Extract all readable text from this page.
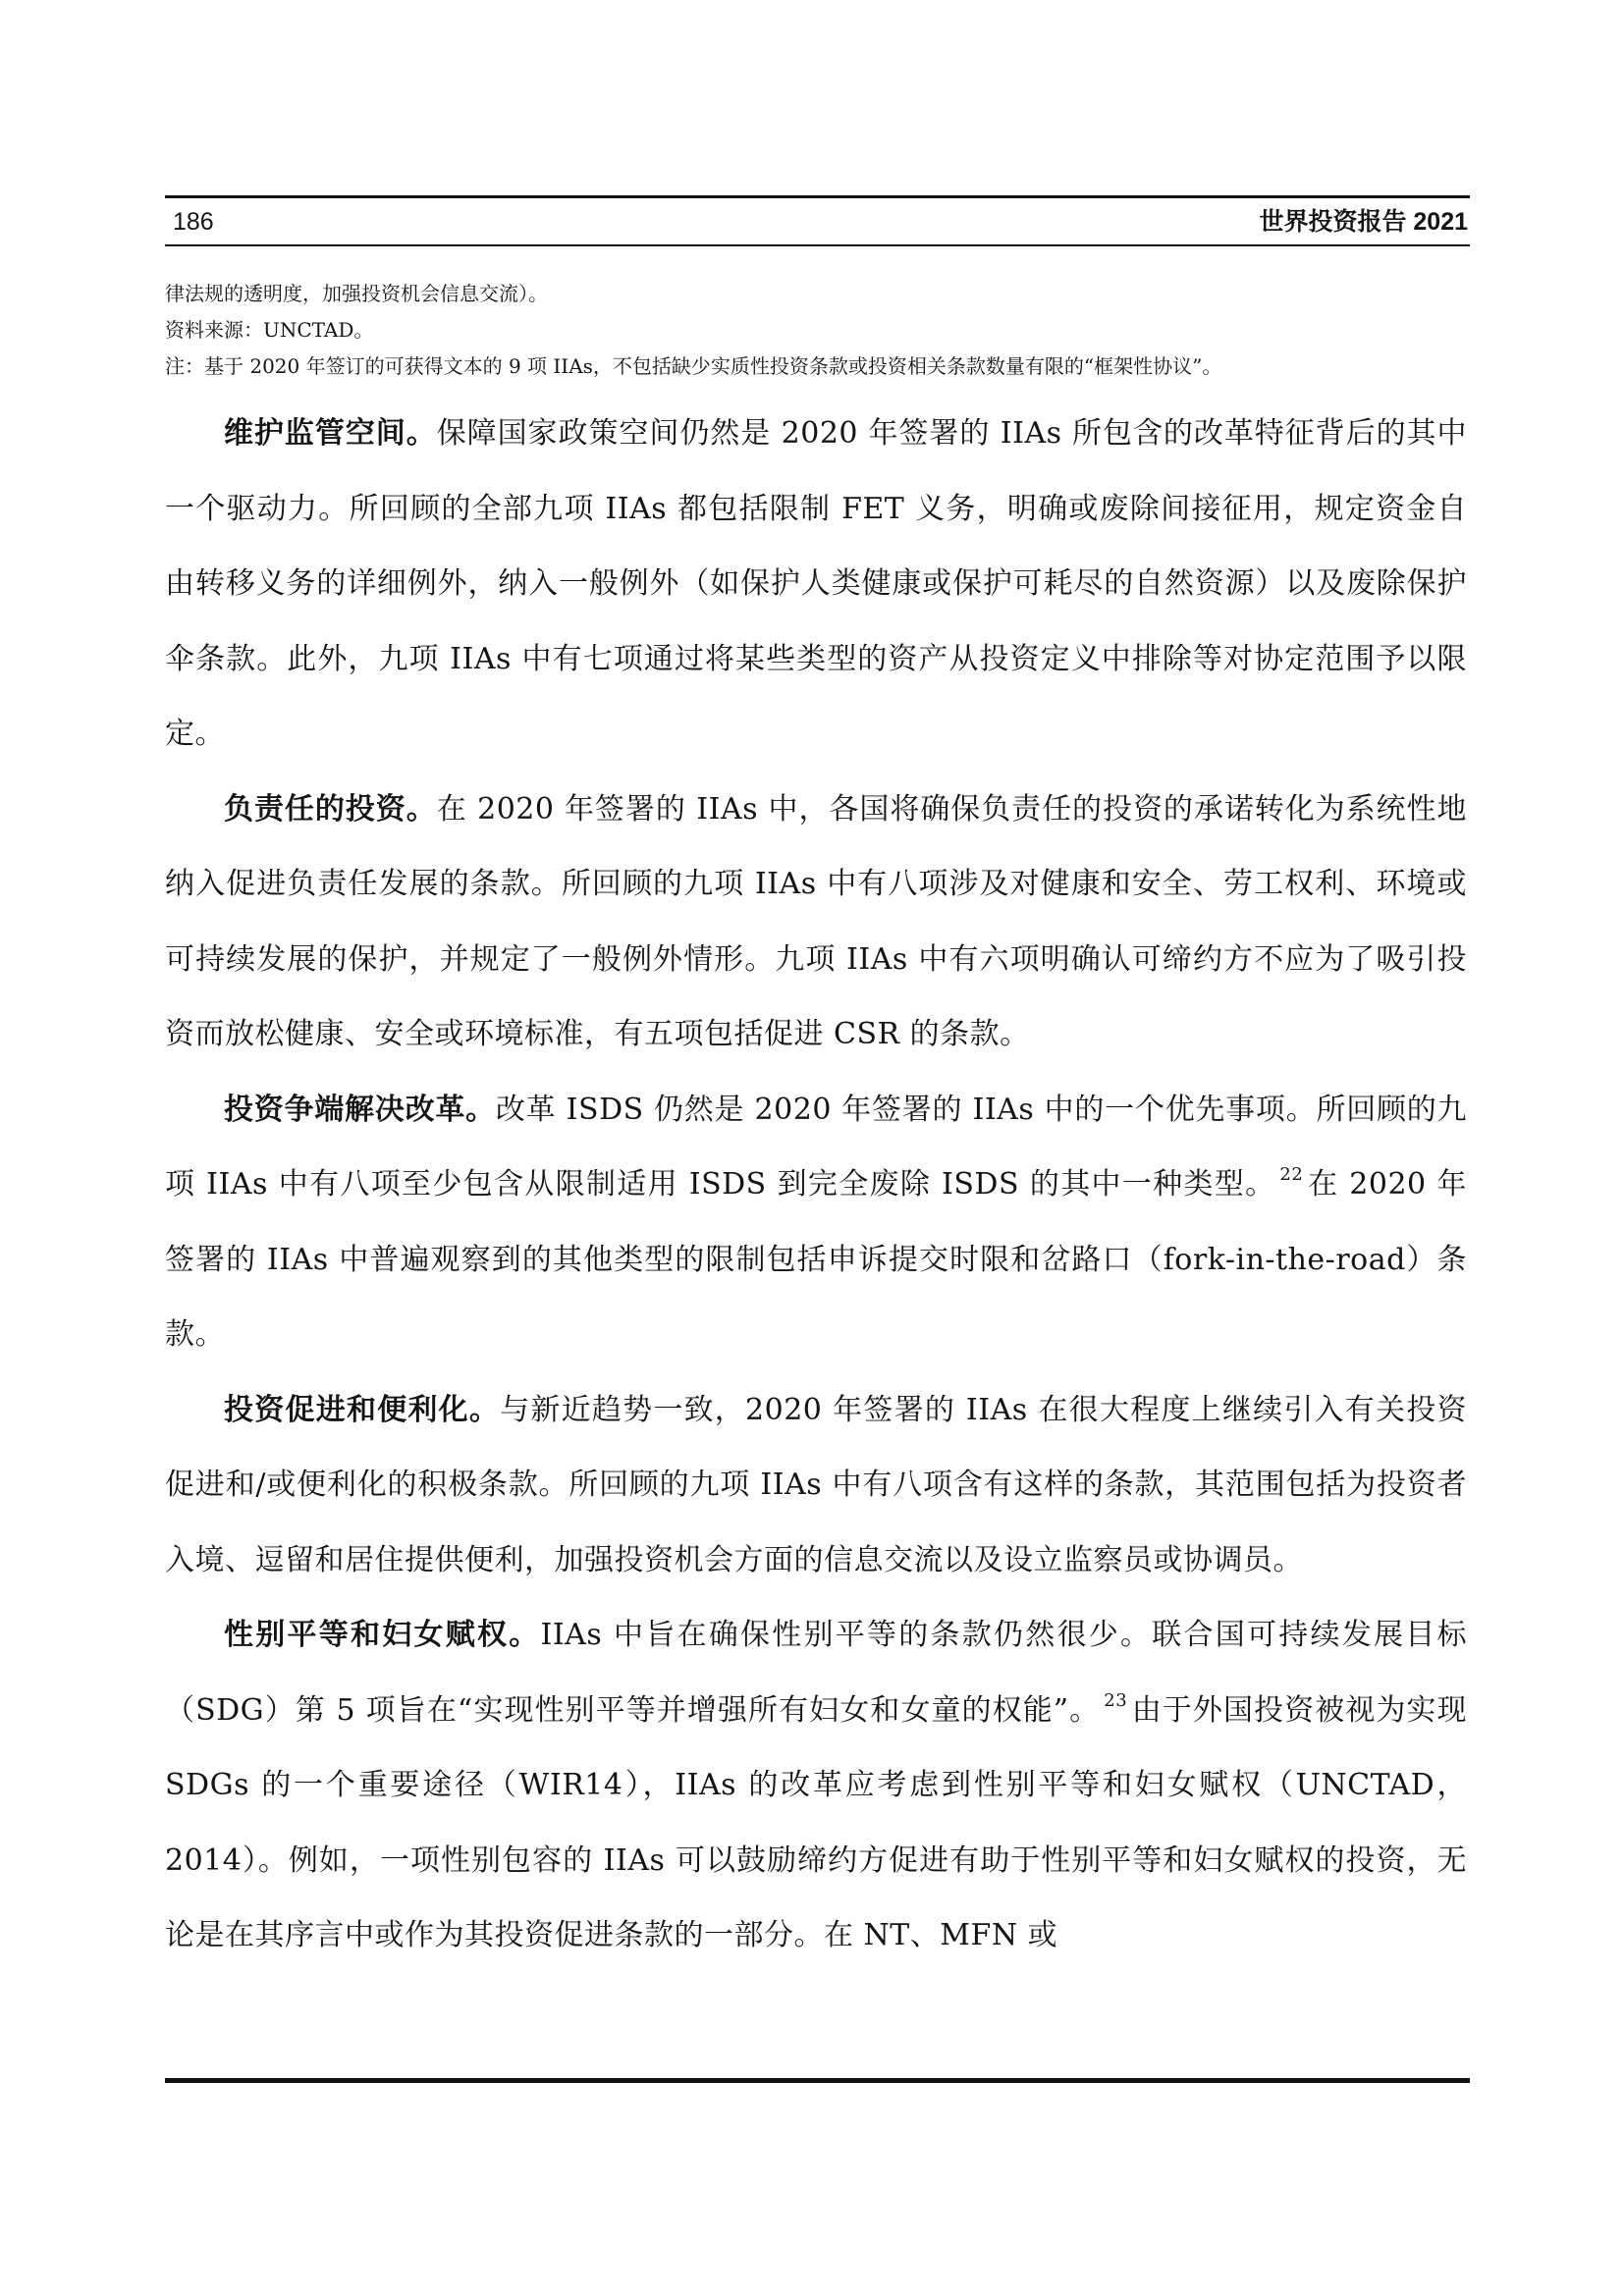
186	世界投资报告 2021
律法规的透明度，加强投资机会信息交流）。
资料来源：UNCTAD。
注：基于 2020 年签订的可获得文本的 9 项 IIAs，不包括缺少实质性投资条款或投资相关条款数量有限的“框架性协议”。

维护监管空间。保障国家政策空间仍然是 2020 年签署的 IIAs 所包含的改革特征背后的其中一个驱动力。所回顾的全部九项 IIAs 都包括限制 FET 义务，明确或废除间接征用，规定资金自由转移义务的详细例外，纳入一般例外（如保护人类健康或保护可耗尽的自然资源）以及废除保护伞条款。此外，九项 IIAs 中有七项通过将某些类型的资产从投资定义中排除等对协定范围予以限定。

负责任的投资。在 2020 年签署的 IIAs 中，各国将确保负责任的投资的承诺转化为系统性地纳入促进负责任发展的条款。所回顾的九项 IIAs 中有八项涉及对健康和安全、劳工权利、环境或可持续发展的保护，并规定了一般例外情形。九项 IIAs 中有六项明确认可缔约方不应为了吸引投资而放松健康、安全或环境标准，有五项包括促进 CSR 的条款。

投资争端解决改革。改革 ISDS 仍然是 2020 年签署的 IIAs 中的一个优先事项。所回顾的九项 IIAs 中有八项至少包含从限制适用 ISDS 到完全废除 ISDS 的其中一种类型。 $^{22}$ 在 2020 年签署的 IIAs 中普遍观察到的其他类型的限制包括申诉提交时限和岔路口（fork-in-the-road）条款。

投资促进和便利化。与新近趋势一致，2020 年签署的 IIAs 在很大程度上继续引入有关投资促进和/或便利化的积极条款。所回顾的九项 IIAs 中有八项含有这样的条款，其范围包括为投资者入境、逗留和居住提供便利，加强投资机会方面的信息交流以及设立监察员或协调员。

性别平等和妇女赋权。IIAs 中旨在确保性别平等的条款仍然很少。联合国可持续发展目标（SDG）第 5 项旨在“实现性别平等并增强所有妇女和女童的权能”。 $^{23}$ 由于外国投资被视为实现 SDGs 的一个重要途径（WIR14），IIAs 的改革应考虑到性别平等和妇女赋权（UNCTAD，2014）。例如，一项性别包容的 IIAs 可以鼓励缔约方促进有助于性别平等和妇女赋权的投资，无论是在其序言中或作为其投资促进条款的一部分。在 NT、MFN 或
